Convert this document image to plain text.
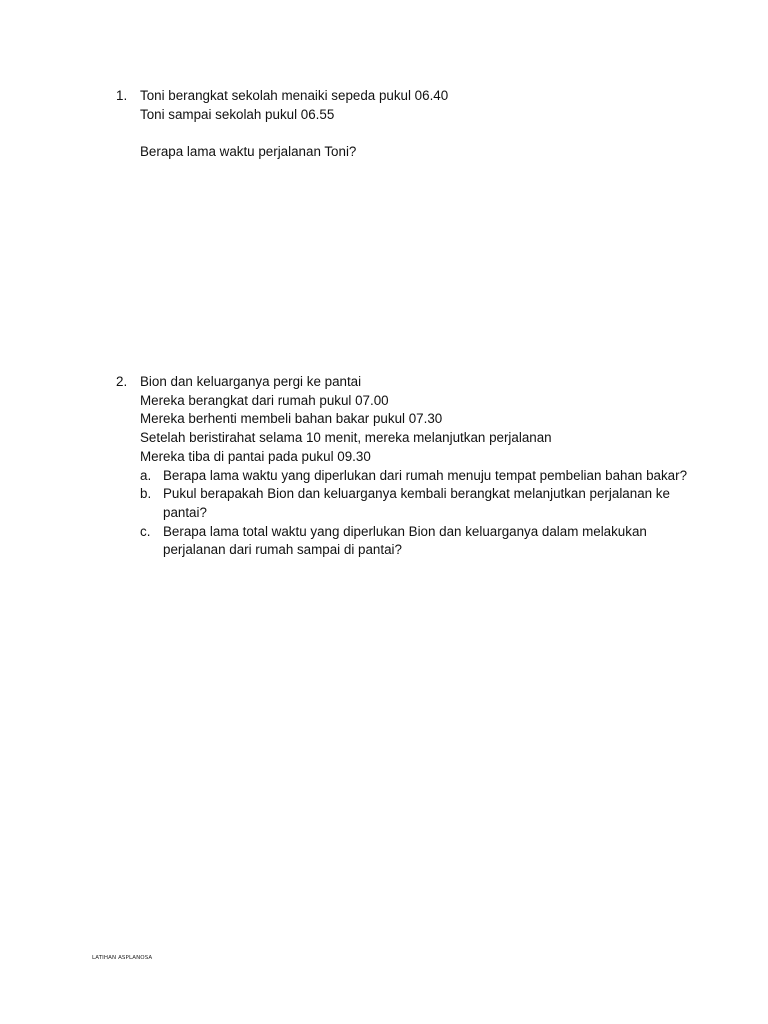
1. Toni berangkat sekolah menaiki sepeda pukul 06.40
Toni sampai sekolah pukul 06.55
Berapa lama waktu perjalanan Toni?
2. Bion dan keluarganya pergi ke pantai
Mereka berangkat dari rumah pukul 07.00
Mereka berhenti membeli bahan bakar pukul 07.30
Setelah beristirahat selama 10 menit, mereka melanjutkan perjalanan
Mereka tiba di pantai pada pukul 09.30
a. Berapa lama waktu yang diperlukan dari rumah menuju tempat pembelian bahan bakar?
b. Pukul berapakah Bion dan keluarganya kembali berangkat melanjutkan perjalanan ke pantai?
c. Berapa lama total waktu yang diperlukan Bion dan keluarganya dalam melakukan perjalanan dari rumah sampai di pantai?
LATIHAN ASPLANOSA
